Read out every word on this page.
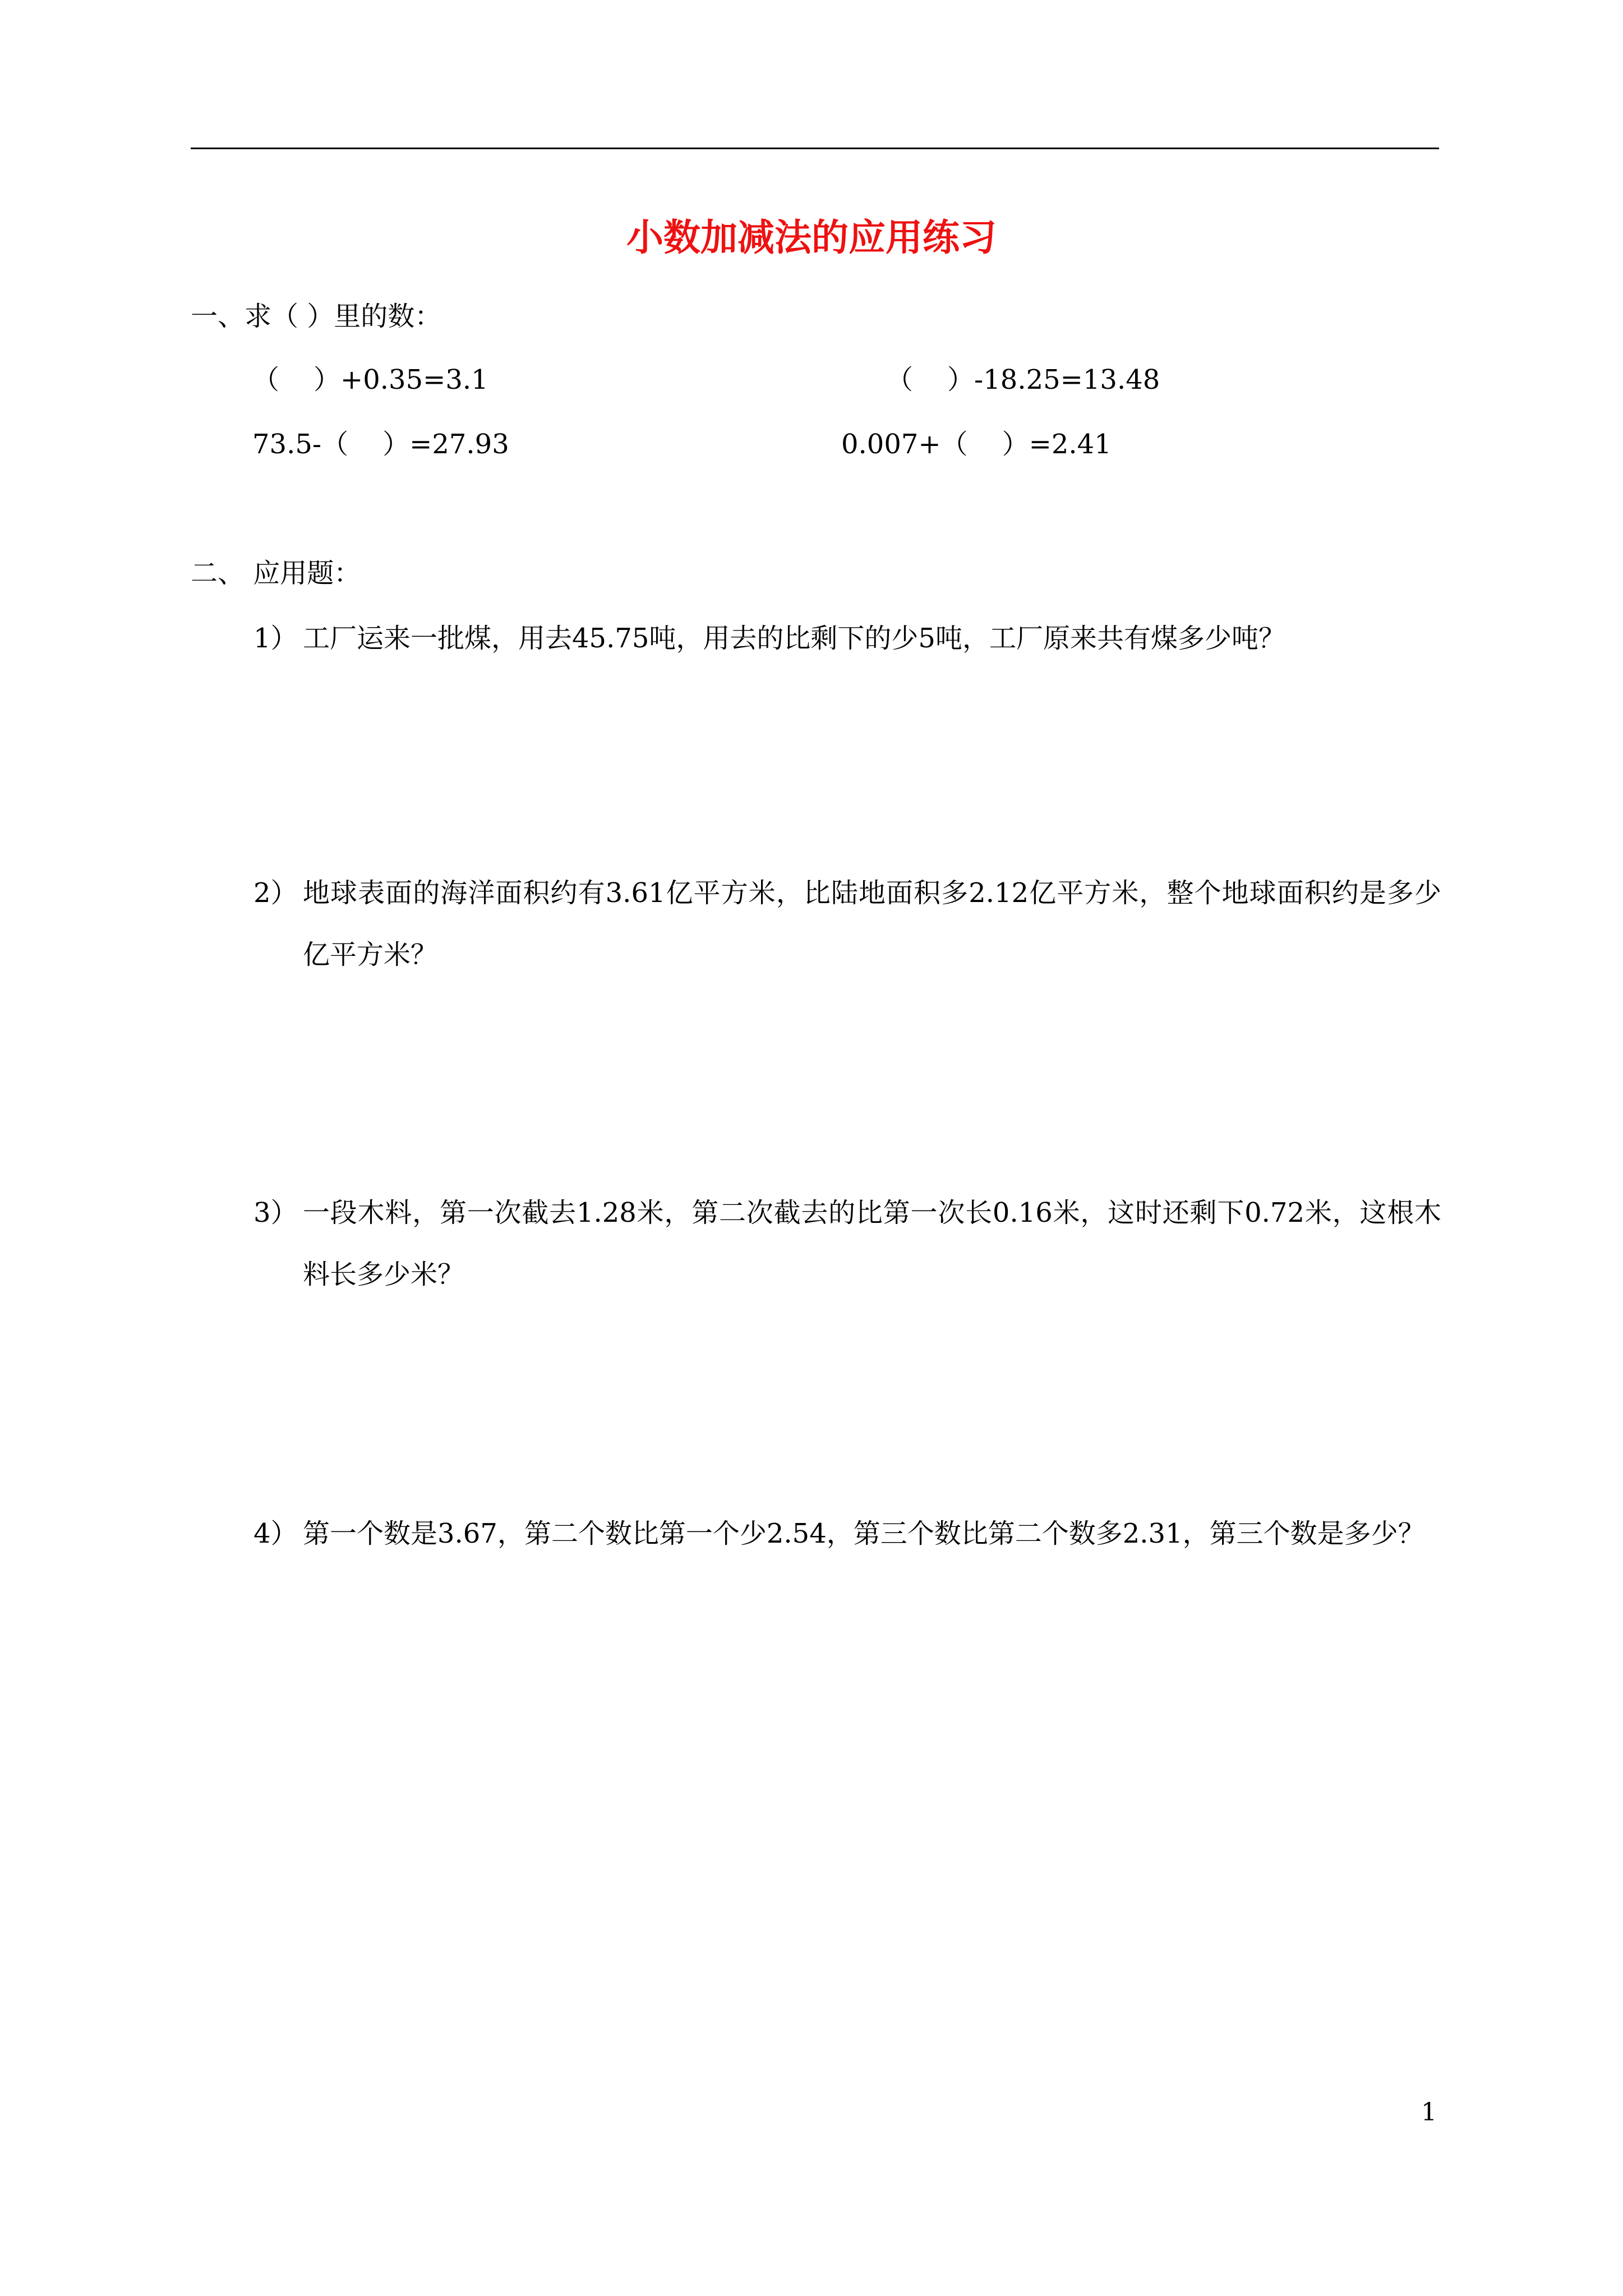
小数加减法的应用练习
一、求（ ）里的数：
（    ）+0.35=3.1	（    ）-18.25=13.48
73.5-（    ）=27.93	0.007+（    ）=2.41
二、 应用题：
1） 工厂运来一批煤，用去45.75吨，用去的比剩下的少5吨，工厂原来共有煤多少吨？
2） 地球表面的海洋面积约有3.61亿平方米，比陆地面积多2.12亿平方米，整个地球面积约是多少亿平方米？
3） 一段木料，第一次截去1.28米，第二次截去的比第一次长0.16米，这时还剩下0.72米，这根木料长多少米？
4） 第一个数是3.67，第二个数比第一个少2.54，第三个数比第二个数多2.31，第三个数是多少？
1
